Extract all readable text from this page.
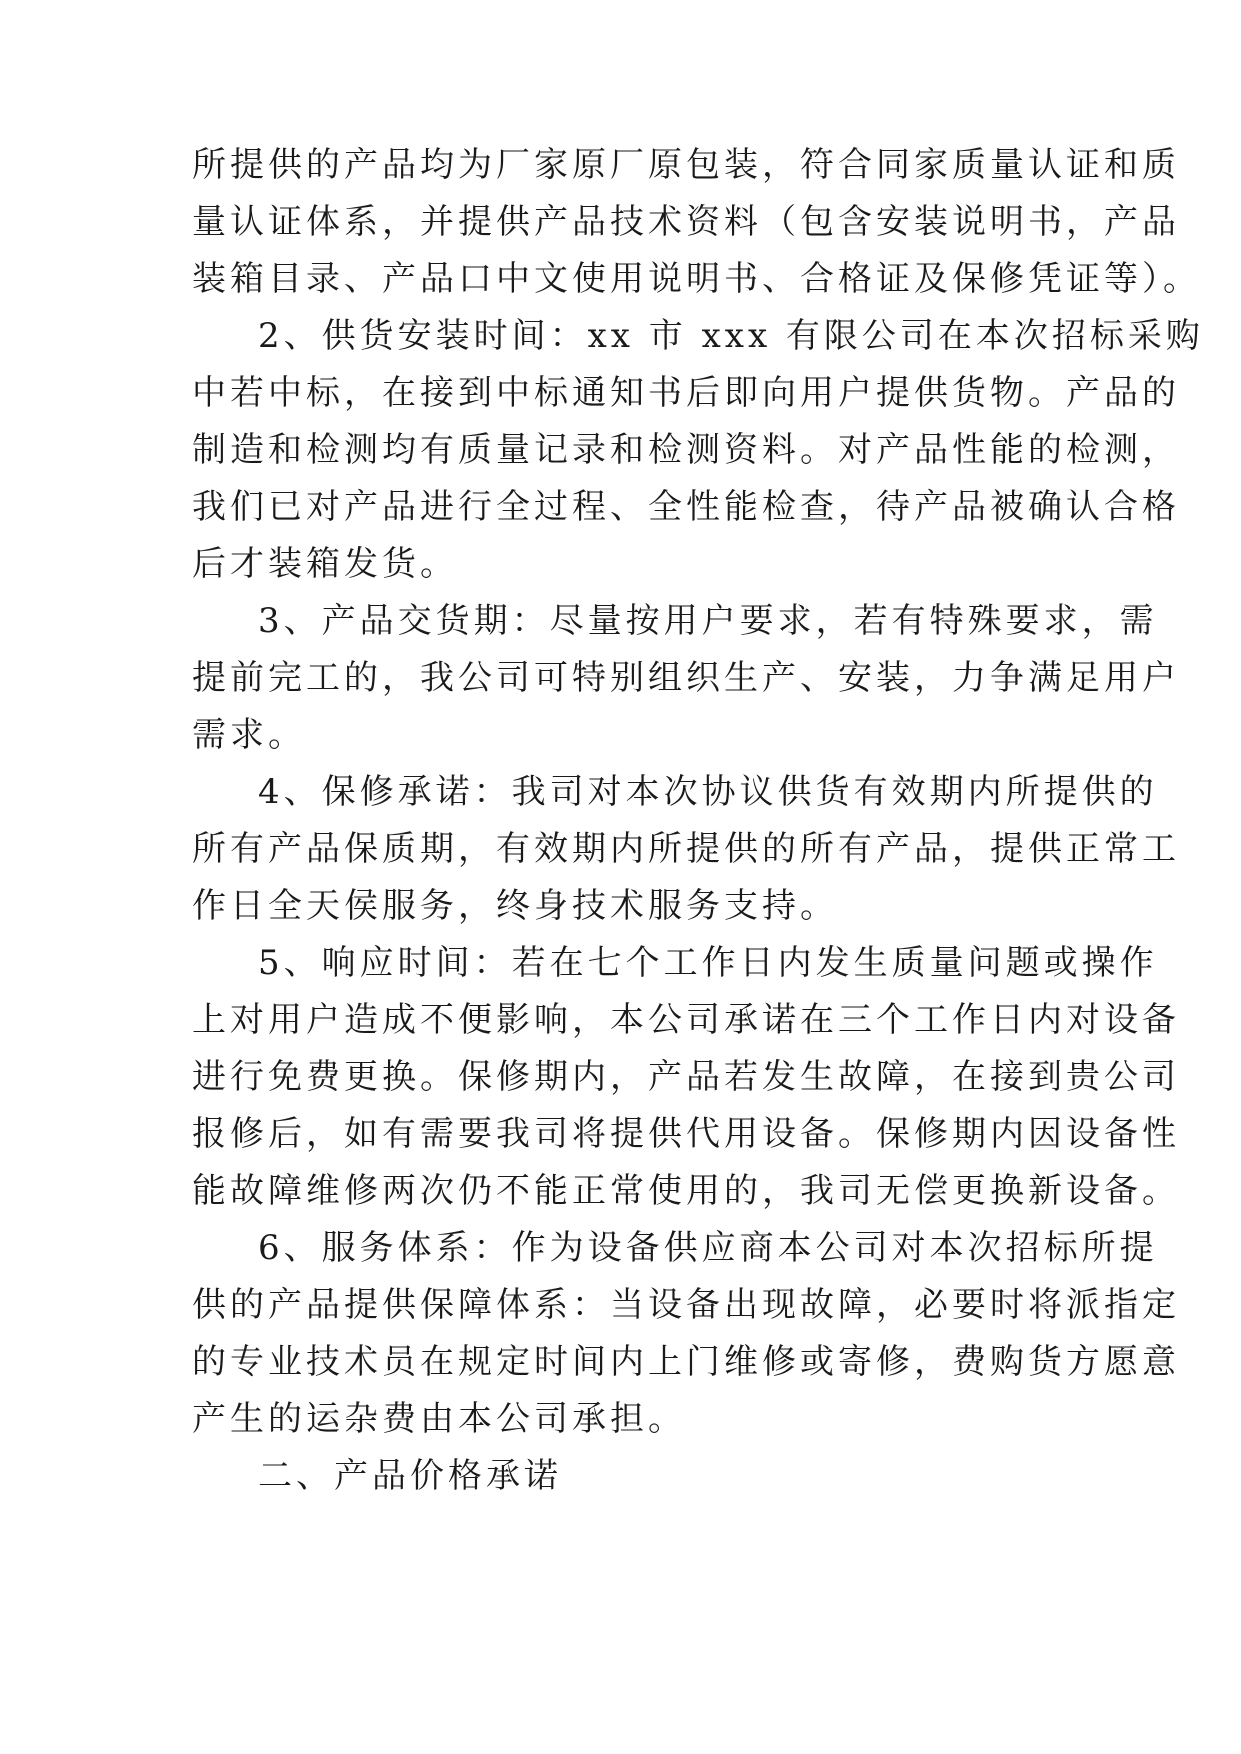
所提供的产品均为厂家原厂原包装，符合同家质量认证和质
量认证体系，并提供产品技术资料（包含安装说明书，产品
装箱目录、产品口中文使用说明书、合格证及保修凭证等）。
2、供货安装时间：xx 市 xxx 有限公司在本次招标采购
中若中标，在接到中标通知书后即向用户提供货物。产品的
制造和检测均有质量记录和检测资料。对产品性能的检测，
我们已对产品进行全过程、全性能检查，待产品被确认合格
后才装箱发货。
3、产品交货期：尽量按用户要求，若有特殊要求，需
提前完工的，我公司可特别组织生产、安装，力争满足用户
需求。
4、保修承诺：我司对本次协议供货有效期内所提供的
所有产品保质期，有效期内所提供的所有产品，提供正常工
作日全天侯服务，终身技术服务支持。
5、响应时间：若在七个工作日内发生质量问题或操作
上对用户造成不便影响，本公司承诺在三个工作日内对设备
进行免费更换。保修期内，产品若发生故障，在接到贵公司
报修后，如有需要我司将提供代用设备。保修期内因设备性
能故障维修两次仍不能正常使用的，我司无偿更换新设备。
6、服务体系：作为设备供应商本公司对本次招标所提
供的产品提供保障体系：当设备出现故障，必要时将派指定
的专业技术员在规定时间内上门维修或寄修，费购货方愿意
产生的运杂费由本公司承担。
二、产品价格承诺
